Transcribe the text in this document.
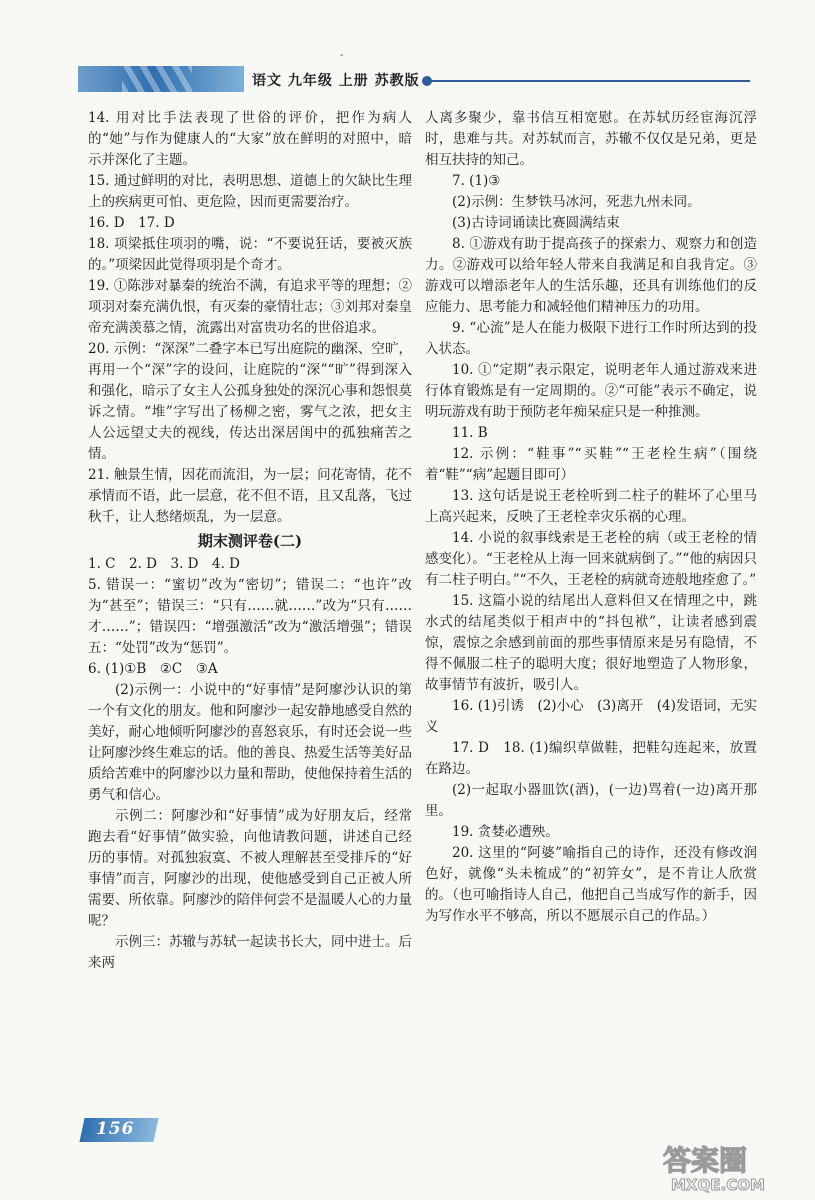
-
语文 九年级 上册 苏教版

14. 用对比手法表现了世俗的评价，把作为病人的“她”与作为健康人的“大家”放在鲜明的对照中，暗示并深化了主题。

15. 通过鲜明的对比，表明思想、道德上的欠缺比生理上的疾病更可怕、更危险，因而更需要治疗。

16. D　17. D

18. 项梁抵住项羽的嘴，说：“不要说狂话，要被灭族的。”项梁因此觉得项羽是个奇才。

19. ①陈涉对暴秦的统治不满，有追求平等的理想；②项羽对秦充满仇恨，有灭秦的豪情壮志；③刘邦对秦皇帝充满羡慕之情，流露出对富贵功名的世俗追求。

20. 示例：“深深”二叠字本已写出庭院的幽深、空旷，再用一个“深”字的设问，让庭院的“深”“旷”得到深入和强化，暗示了女主人公孤身独处的深沉心事和怨恨莫诉之情。“堆”字写出了杨柳之密，雾气之浓，把女主人公远望丈夫的视线，传达出深居闺中的孤独痛苦之情。

21. 触景生情，因花而流泪，为一层；问花寄情，花不承情而不语，此一层意，花不但不语，且又乱落，飞过秋千，让人愁绪烦乱，为一层意。

期末测评卷(二)

1. C　2. D　3. D　4. D

5. 错误一：“蜜切”改为“密切”；错误二：“也许”改为“甚至”；错误三：“只有……就……”改为“只有……才……”；错误四：“增强激活”改为“激活增强”；错误五：“处罚”改为“惩罚”。

6. (1)①B　②C　③A

(2)示例一：小说中的“好事情”是阿廖沙认识的第一个有文化的朋友。他和阿廖沙一起安静地感受自然的美好，耐心地倾听阿廖沙的喜怒哀乐，有时还会说一些让阿廖沙终生难忘的话。他的善良、热爱生活等美好品质给苦难中的阿廖沙以力量和帮助，使他保持着生活的勇气和信心。

示例二：阿廖沙和“好事情”成为好朋友后，经常跑去看“好事情”做实验，向他请教问题，讲述自己经历的事情。对孤独寂寞、不被人理解甚至受排斥的“好事情”而言，阿廖沙的出现，使他感受到自己正被人所需要、所依靠。阿廖沙的陪伴何尝不是温暖人心的力量呢？

示例三：苏辙与苏轼一起读书长大，同中进士。后来两

人离多聚少，靠书信互相宽慰。在苏轼历经宦海沉浮时，患难与共。对苏轼而言，苏辙不仅仅是兄弟，更是相互扶持的知己。

7. (1)③

(2)示例：生梦铁马冰河，死悲九州未同。

(3)古诗词诵读比赛圆满结束

8. ①游戏有助于提高孩子的探索力、观察力和创造力。②游戏可以给年轻人带来自我满足和自我肯定。③游戏可以增添老年人的生活乐趣，还具有训练他们的反应能力、思考能力和减轻他们精神压力的功用。

9. “心流”是人在能力极限下进行工作时所达到的投入状态。

10. ①“定期”表示限定，说明老年人通过游戏来进行体育锻炼是有一定周期的。②“可能”表示不确定，说明玩游戏有助于预防老年痴呆症只是一种推测。

11. B

12. 示例：“鞋事”“买鞋”“王老栓生病”（围绕着“鞋”“病”起题目即可）

13. 这句话是说王老栓听到二柱子的鞋坏了心里马上高兴起来，反映了王老栓幸灾乐祸的心理。

14. 小说的叙事线索是王老栓的病（或王老栓的情感变化）。“王老栓从上海一回来就病倒了。”“他的病因只有二柱子明白。”“不久，王老栓的病就奇迹般地痊愈了。”

15. 这篇小说的结尾出人意料但又在情理之中，跳水式的结尾类似于相声中的“抖包袱”，让读者感到震惊，震惊之余感到前面的那些事情原来是另有隐情，不得不佩服二柱子的聪明大度；很好地塑造了人物形象，故事情节有波折，吸引人。

16. (1)引诱　(2)小心　(3)离开　(4)发语词，无实义

17. D　18. (1)编织草做鞋，把鞋勾连起来，放置在路边。

(2)一起取小器皿饮(酒)，(一边)骂着(一边)离开那里。

19. 贪婪必遭殃。

20. 这里的“阿婆”喻指自己的诗作，还没有修改润色好，就像“头未梳成”的“初笄女”，是不肯让人欣赏的。（也可喻指诗人自己，他把自己当成写作的新手，因为写作水平不够高，所以不愿展示自己的作品。）

156
答案圈
MXQE.COM
